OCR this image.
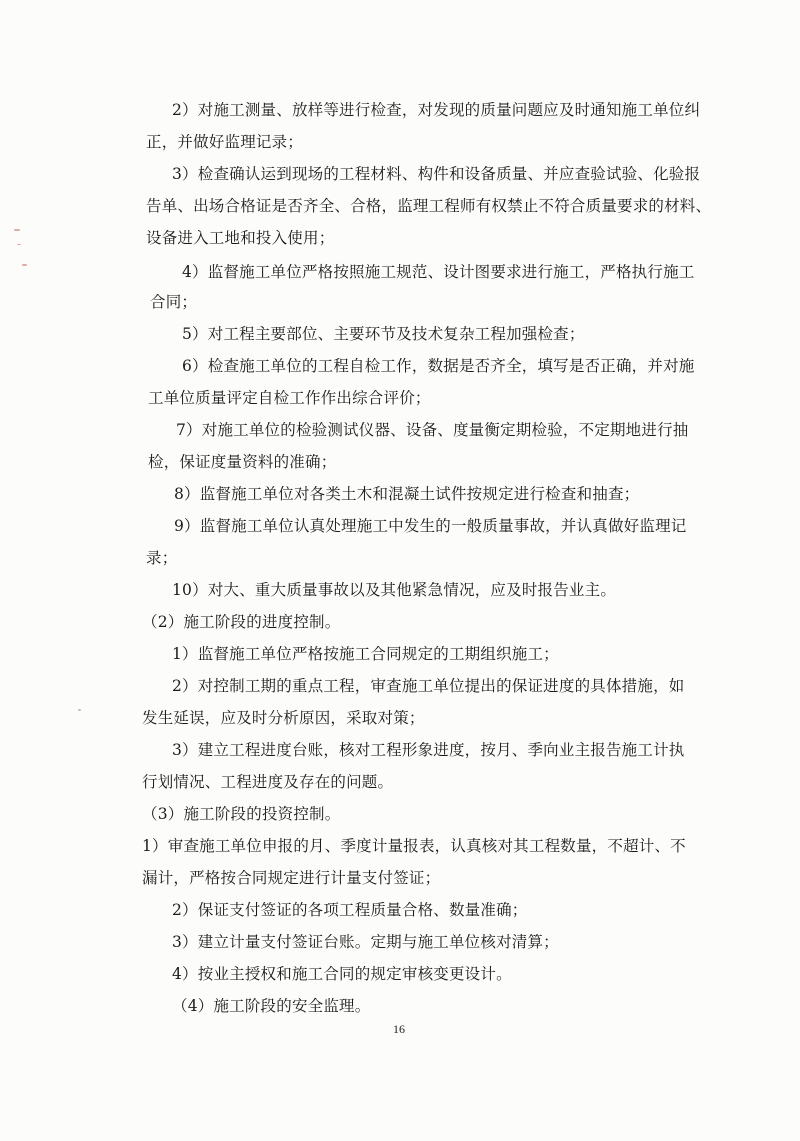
2）对施工测量、放样等进行检查，对发现的质量问题应及时通知施工单位纠
正，并做好监理记录；
3）检查确认运到现场的工程材料、构件和设备质量、并应查验试验、化验报
告单、出场合格证是否齐全、合格，监理工程师有权禁止不符合质量要求的材料、
设备进入工地和投入使用；
4）监督施工单位严格按照施工规范、设计图要求进行施工，严格执行施工
合同；
5）对工程主要部位、主要环节及技术复杂工程加强检查；
6）检查施工单位的工程自检工作，数据是否齐全，填写是否正确，并对施
工单位质量评定自检工作作出综合评价；
7）对施工单位的检验测试仪器、设备、度量衡定期检验，不定期地进行抽
检，保证度量资料的准确；
8）监督施工单位对各类土木和混凝土试件按规定进行检查和抽查；
9）监督施工单位认真处理施工中发生的一般质量事故，并认真做好监理记
录；
10）对大、重大质量事故以及其他紧急情况，应及时报告业主。
（2）施工阶段的进度控制。
1）监督施工单位严格按施工合同规定的工期组织施工；
2）对控制工期的重点工程，审查施工单位提出的保证进度的具体措施，如
发生延误，应及时分析原因，采取对策；
3）建立工程进度台账，核对工程形象进度，按月、季向业主报告施工计执
行划情况、工程进度及存在的问题。
（3）施工阶段的投资控制。
1）审查施工单位申报的月、季度计量报表，认真核对其工程数量，不超计、不
漏计，严格按合同规定进行计量支付签证；
2）保证支付签证的各项工程质量合格、数量准确；
3）建立计量支付签证台账。定期与施工单位核对清算；
4）按业主授权和施工合同的规定审核变更设计。
（4）施工阶段的安全监理。
16
